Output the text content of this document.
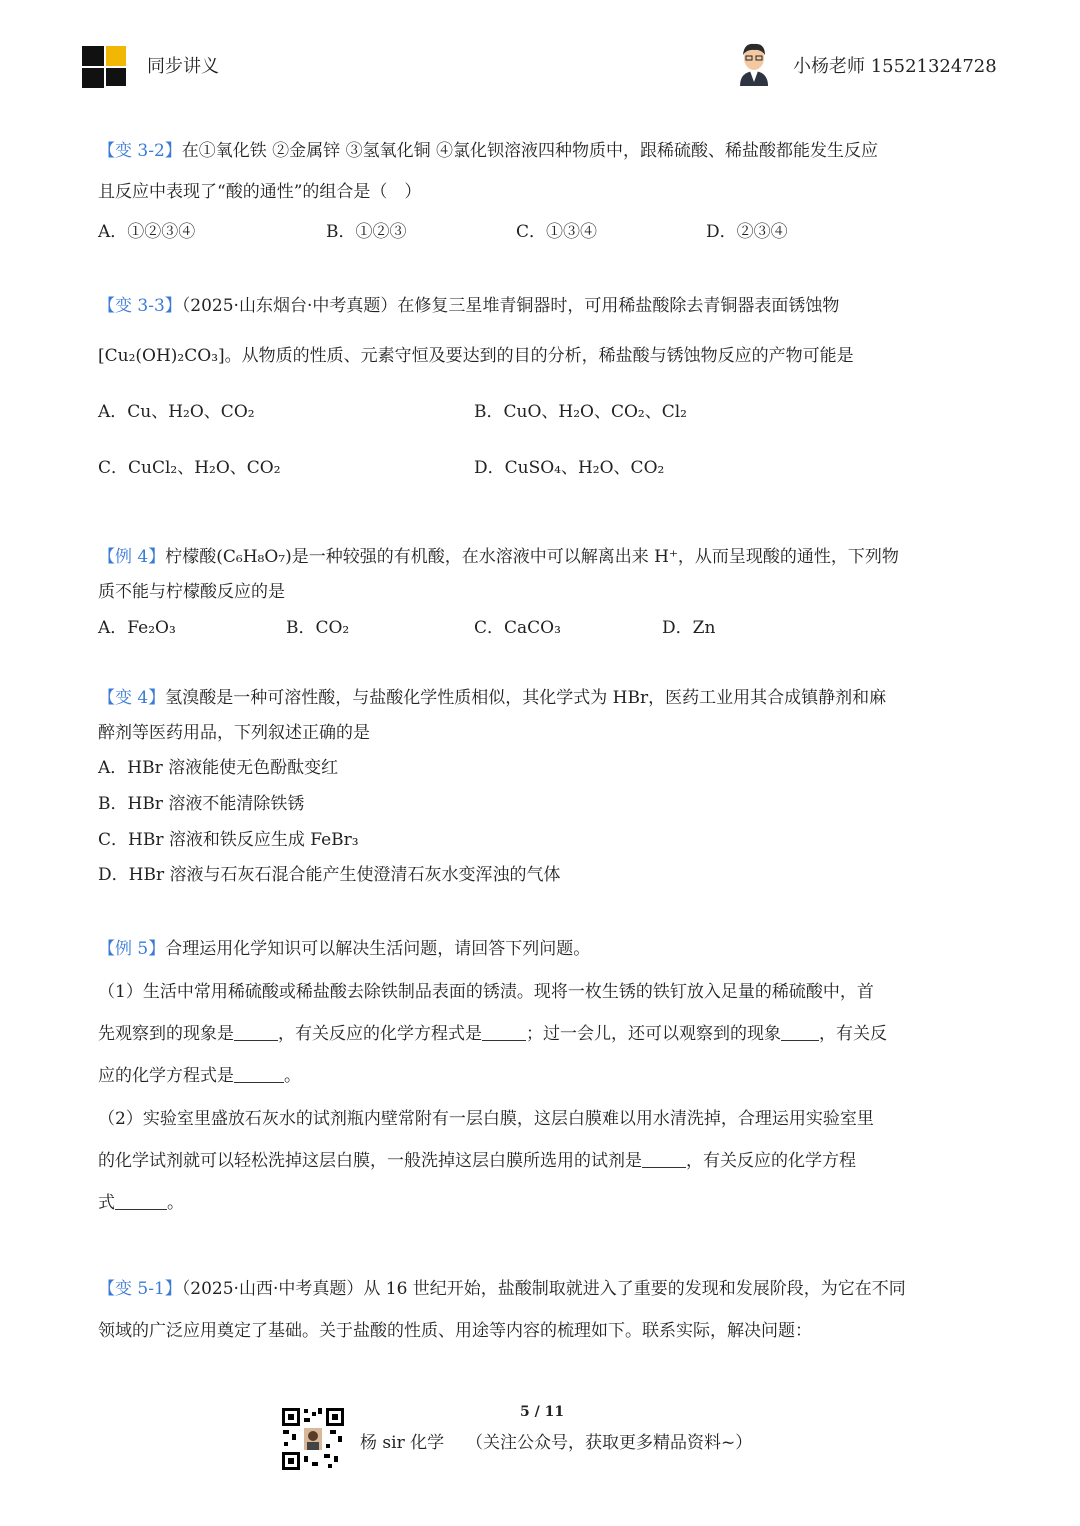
同步讲义	小杨老师 15521324728
【变 3-2】在①氧化铁 ②金属锌 ③氢氧化铜 ④氯化钡溶液四种物质中，跟稀硫酸、稀盐酸都能发生反应
且反应中表现了“酸的通性”的组合是（　）
A．①②③④	B．①②③	C．①③④	D．②③④
【变 3-3】（2025·山东烟台·中考真题）在修复三星堆青铜器时，可用稀盐酸除去青铜器表面锈蚀物
[Cu₂(OH)₂CO₃]。从物质的性质、元素守恒及要达到的目的分析，稀盐酸与锈蚀物反应的产物可能是
A．Cu、H₂O、CO₂	B．CuO、H₂O、CO₂、Cl₂
C．CuCl₂、H₂O、CO₂	D．CuSO₄、H₂O、CO₂
【例 4】柠檬酸(C₆H₈O₇)是一种较强的有机酸，在水溶液中可以解离出来 H⁺，从而呈现酸的通性，下列物
质不能与柠檬酸反应的是
A．Fe₂O₃	B．CO₂	C．CaCO₃	D．Zn
【变 4】氢溴酸是一种可溶性酸，与盐酸化学性质相似，其化学式为 HBr，医药工业用其合成镇静剂和麻
醉剂等医药用品，下列叙述正确的是
A．HBr 溶液能使无色酚酞变红
B．HBr 溶液不能清除铁锈
C．HBr 溶液和铁反应生成 FeBr₃
D．HBr 溶液与石灰石混合能产生使澄清石灰水变浑浊的气体
【例 5】合理运用化学知识可以解决生活问题，请回答下列问题。
（1）生活中常用稀硫酸或稀盐酸去除铁制品表面的锈渍。现将一枚生锈的铁钉放入足量的稀硫酸中，首
先观察到的现象是	，有关反应的化学方程式是	；过一会儿，还可以观察到的现象 ，有关反
应的化学方程式是	。
（2）实验室里盛放石灰水的试剂瓶内壁常附有一层白膜，这层白膜难以用水清洗掉，合理运用实验室里
的化学试剂就可以轻松洗掉这层白膜，一般洗掉这层白膜所选用的试剂是	，有关反应的化学方程
式	。
【变 5-1】（2025·山西·中考真题）从 16 世纪开始，盐酸制取就进入了重要的发现和发展阶段，为它在不同
领域的广泛应用奠定了基础。关于盐酸的性质、用途等内容的梳理如下。联系实际，解决问题：
5 / 11
杨 sir 化学 （关注公众号，获取更多精品资料~）
